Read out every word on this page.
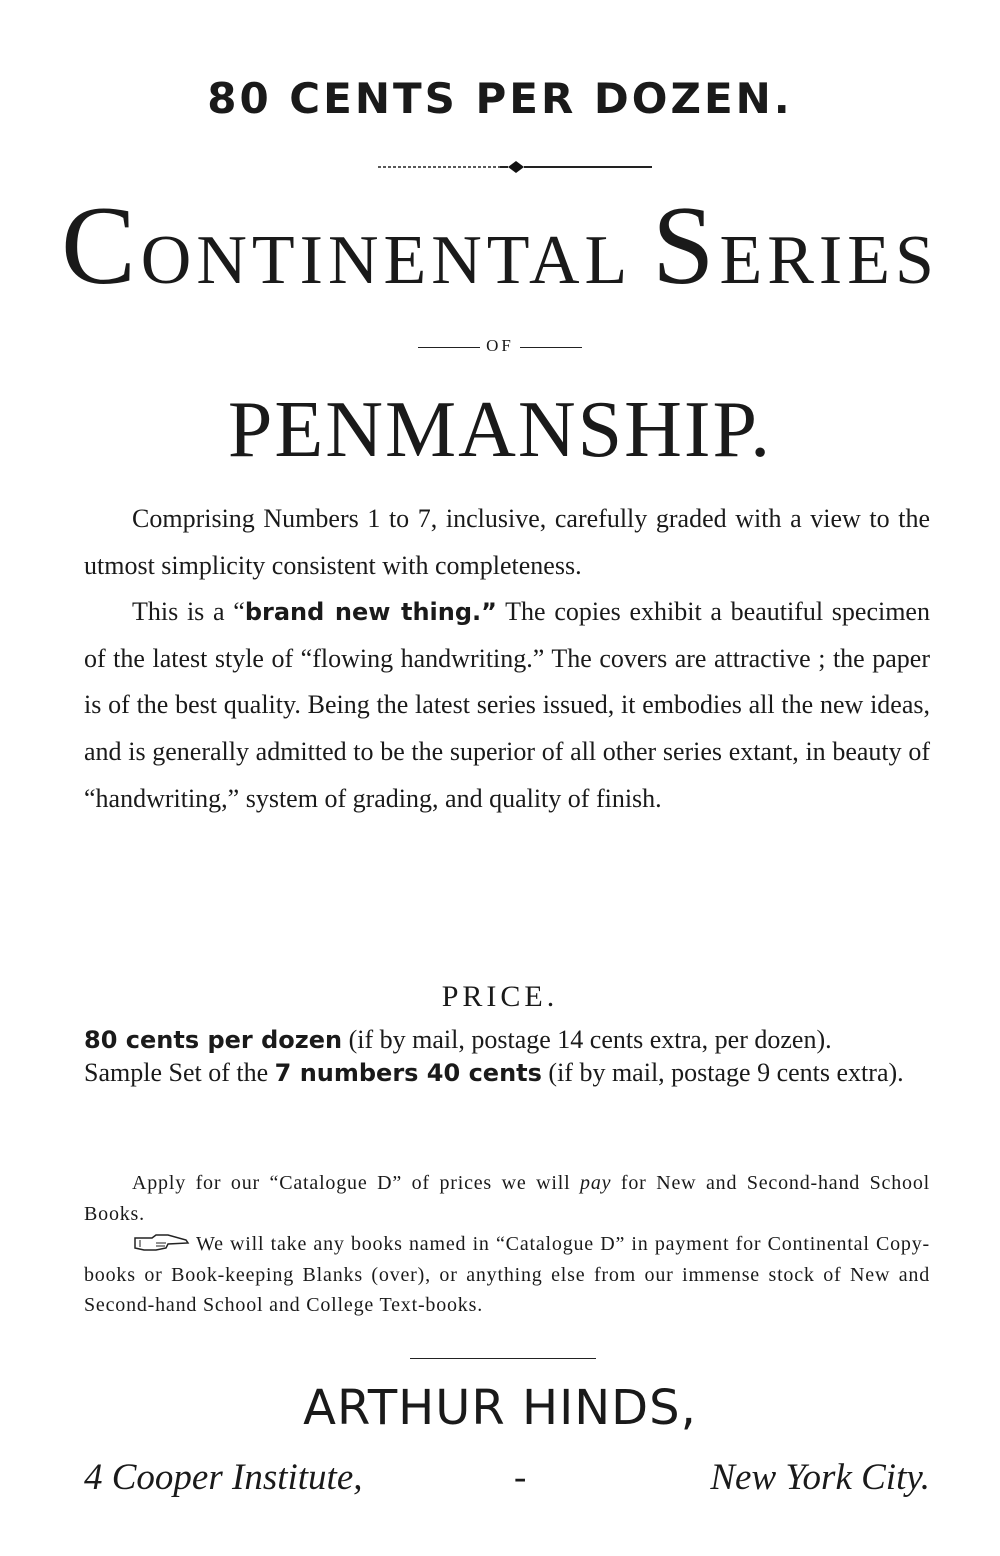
80 CENTS PER DOZEN.
CONTINENTAL SERIES
OF
PENMANSHIP.

Comprising Numbers 1 to 7, inclusive, carefully graded with a view to the utmost simplicity consistent with completeness.

This is a “brand new thing.” The copies exhibit a beautiful specimen of the latest style of “flowing handwriting.” The covers are attractive ; the paper is of the best quality. Being the latest series issued, it embodies all the new ideas, and is generally admitted to be the superior of all other series extant, in beauty of “handwriting,” system of grading, and quality of finish.

PRICE.
80 cents per dozen (if by mail, postage 14 cents extra, per dozen).
Sample Set of the 7 numbers 40 cents (if by mail, postage 9 cents extra).

Apply for our “Catalogue D” of prices we will pay for New and Second-hand School Books.

We will take any books named in “Catalogue D” in payment for Continental Copy-books or Book-keeping Blanks (over), or anything else from our immense stock of New and Second-hand School and College Text-books.

ARTHUR HINDS,
4 Cooper Institute,	-	New York City.
